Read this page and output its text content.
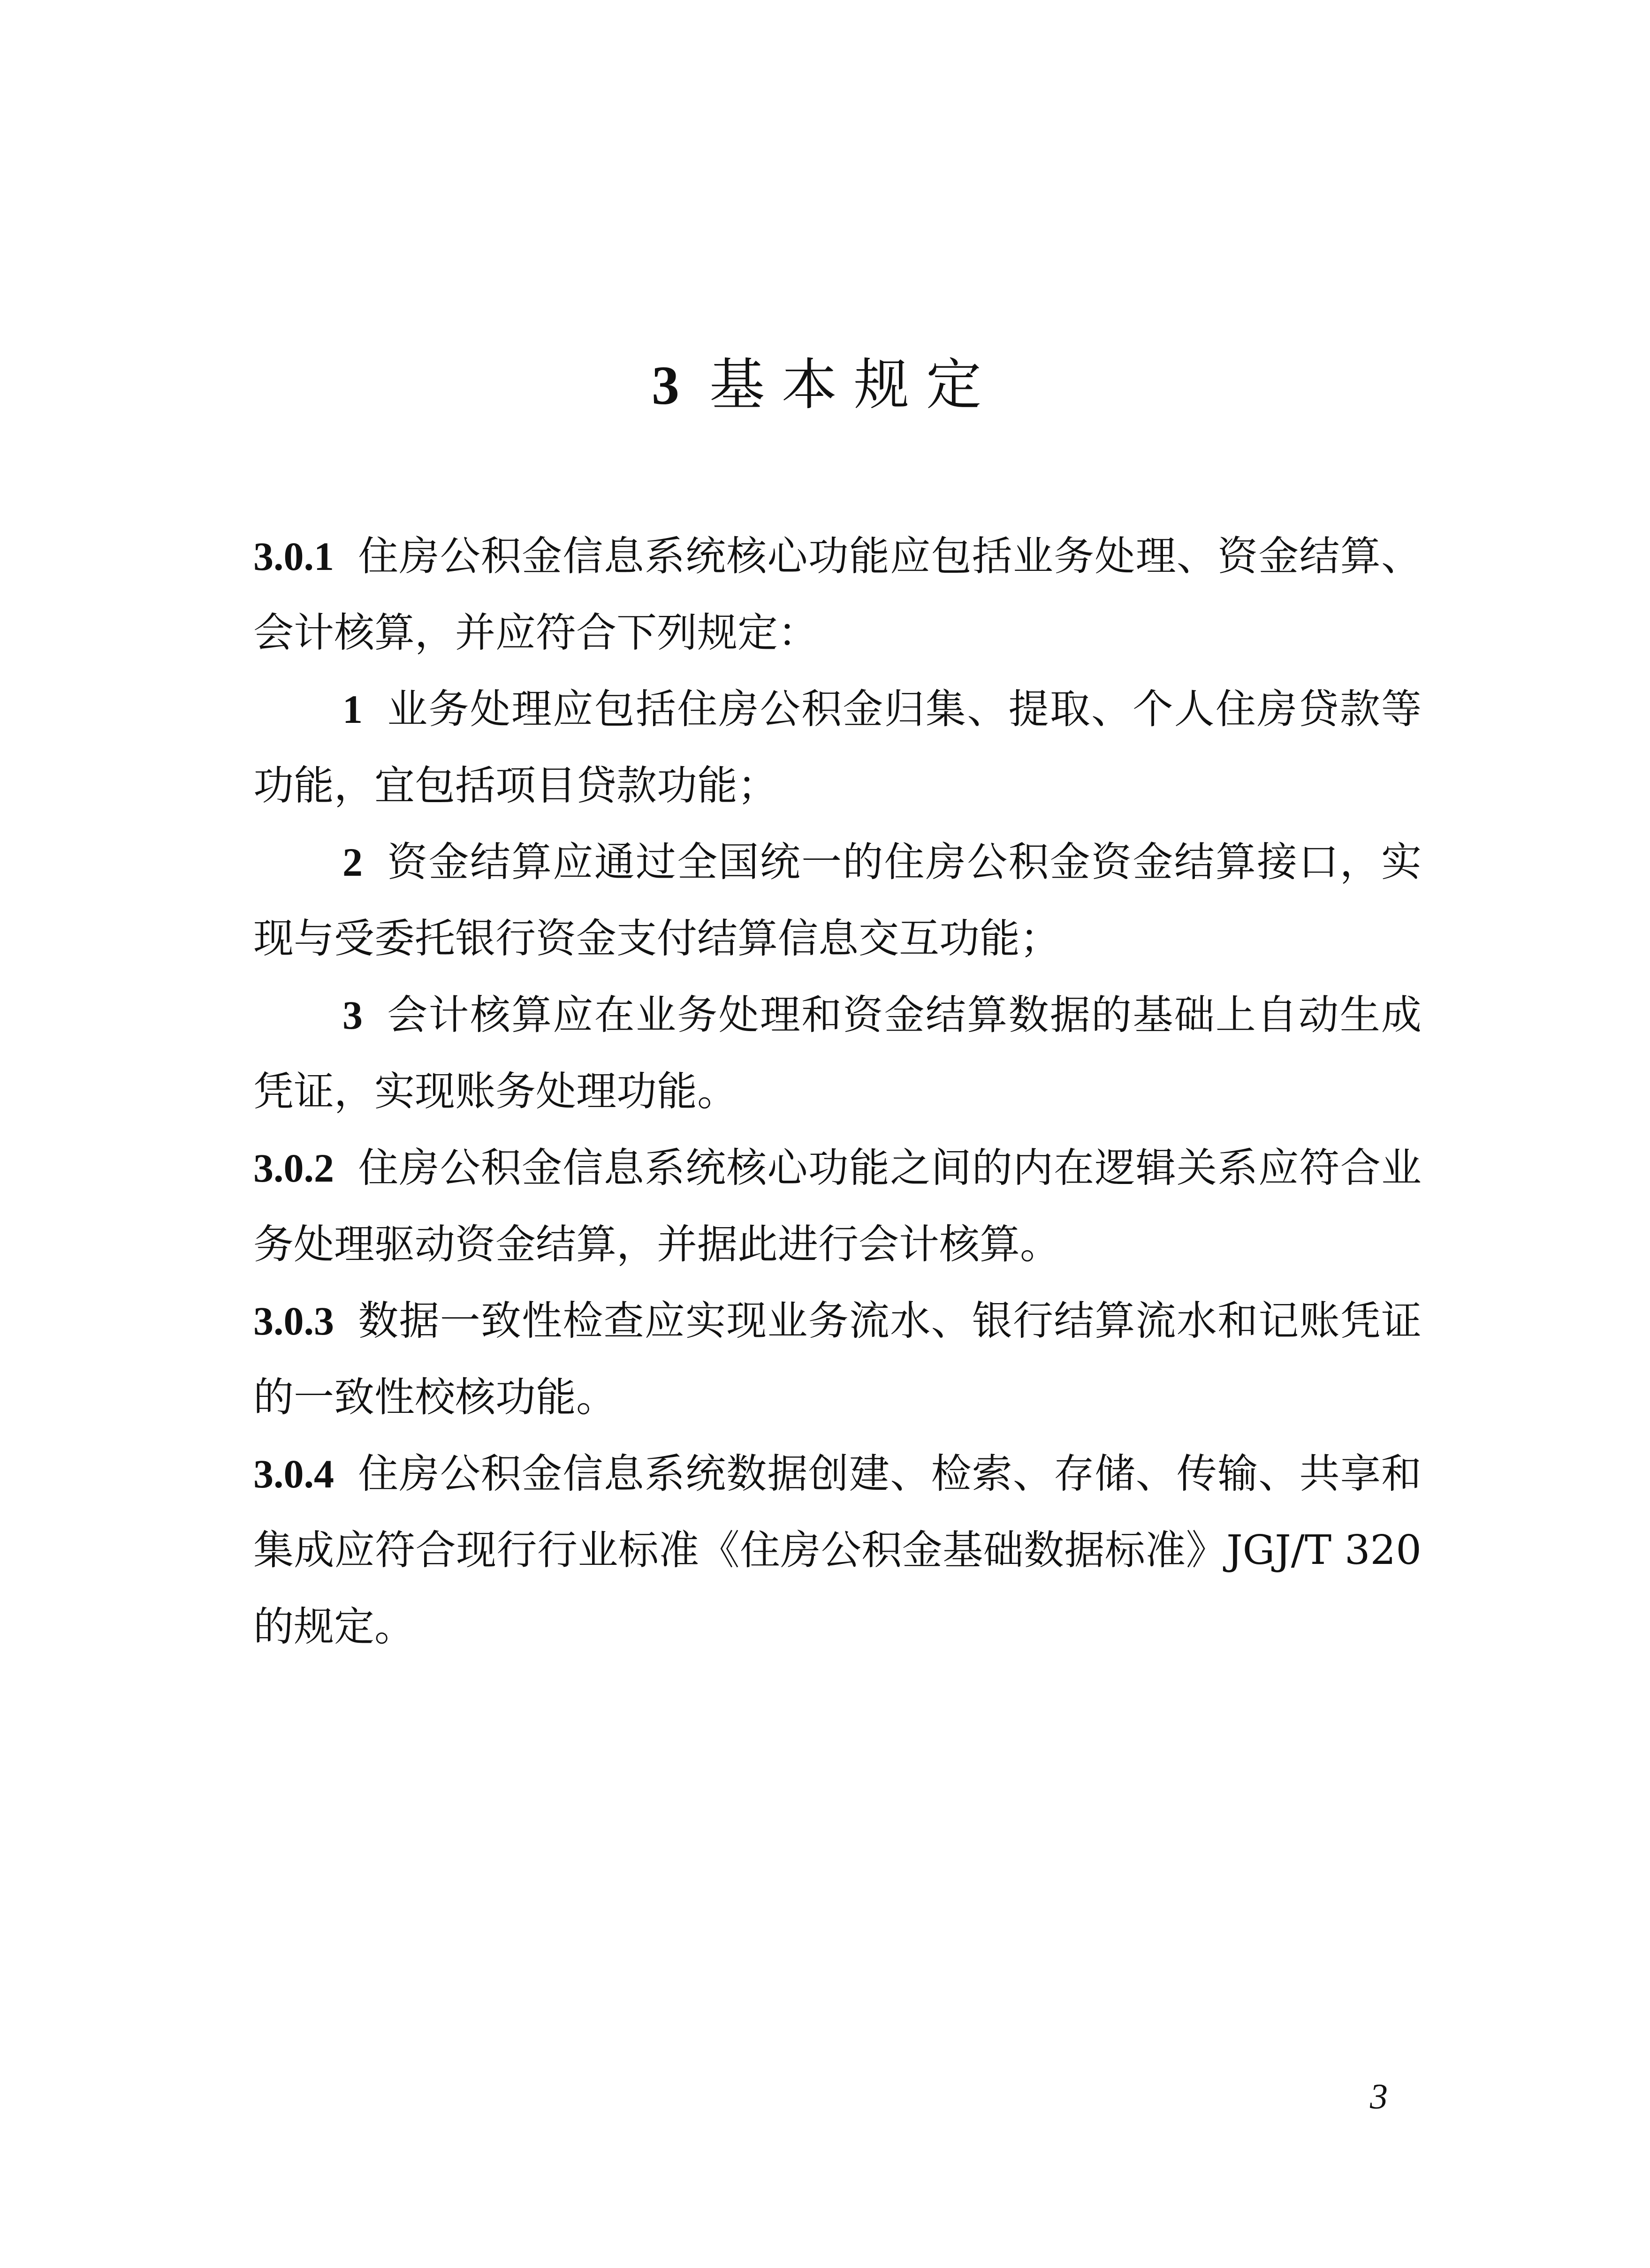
3 基本规定

3.0.1 住房公积金信息系统核心功能应包括业务处理、资金结算、会计核算，并应符合下列规定：

1 业务处理应包括住房公积金归集、提取、个人住房贷款等功能，宜包括项目贷款功能；

2 资金结算应通过全国统一的住房公积金资金结算接口，实现与受委托银行资金支付结算信息交互功能；

3 会计核算应在业务处理和资金结算数据的基础上自动生成凭证，实现账务处理功能。

3.0.2 住房公积金信息系统核心功能之间的内在逻辑关系应符合业务处理驱动资金结算，并据此进行会计核算。

3.0.3 数据一致性检查应实现业务流水、银行结算流水和记账凭证的一致性校核功能。

3.0.4 住房公积金信息系统数据创建、检索、存储、传输、共享和集成应符合现行行业标准《住房公积金基础数据标准》JGJ/T 320的规定。

3
